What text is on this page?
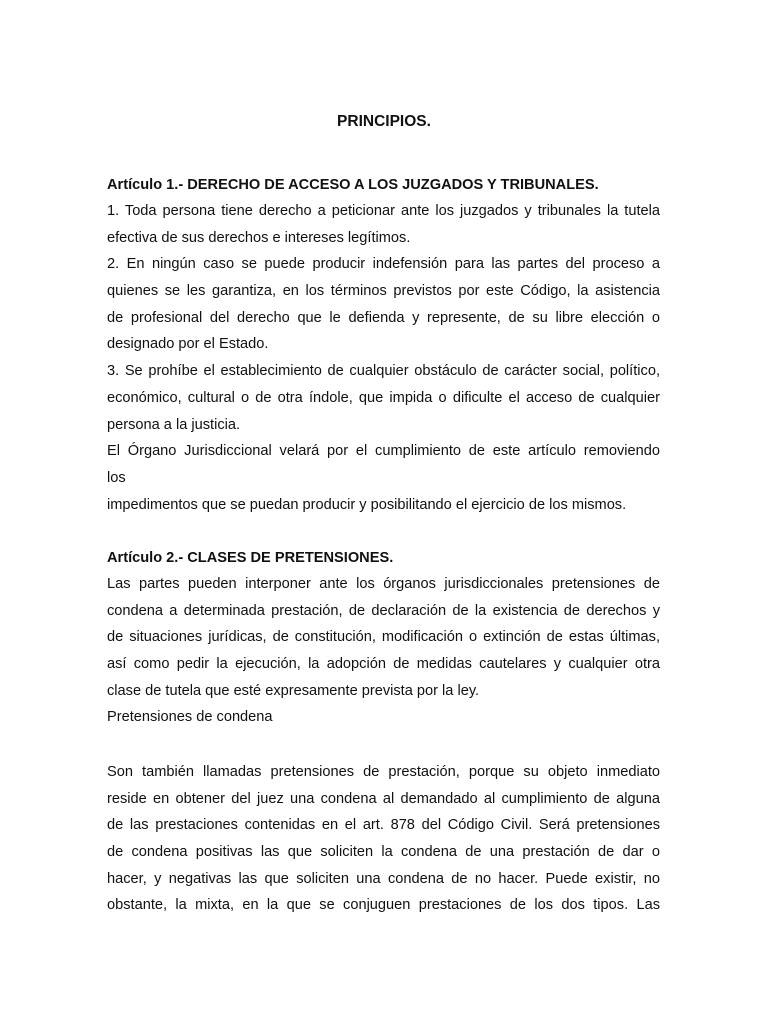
PRINCIPIOS.
Artículo 1.- DERECHO DE ACCESO A LOS JUZGADOS Y TRIBUNALES.
1. Toda persona tiene derecho a peticionar ante los juzgados y tribunales la tutela
efectiva de sus derechos e intereses legítimos.
2. En ningún caso se puede producir indefensión para las partes del proceso a
quienes se les garantiza, en los términos previstos por este Código, la asistencia
de profesional del derecho que le defienda y represente, de su libre elección o
designado por el Estado.
3. Se prohíbe el establecimiento de cualquier obstáculo de carácter social, político,
económico, cultural o de otra índole, que impida o dificulte el acceso de cualquier
persona a la justicia.
El Órgano Jurisdiccional velará por el cumplimiento de este artículo removiendo
los
impedimentos que se puedan producir y posibilitando el ejercicio de los mismos.
Artículo 2.- CLASES DE PRETENSIONES.
Las partes pueden interponer ante los órganos jurisdiccionales pretensiones de
condena a determinada prestación, de declaración de la existencia de derechos y
de situaciones jurídicas, de constitución, modificación o extinción de estas últimas,
así como pedir la ejecución, la adopción de medidas cautelares y cualquier otra
clase de tutela que esté expresamente prevista por la ley.
Pretensiones de condena
Son también llamadas pretensiones de prestación, porque su objeto inmediato
reside en obtener del juez una condena al demandado al cumplimiento de alguna
de las prestaciones contenidas en el art. 878 del Código Civil. Será pretensiones
de condena positivas las que soliciten la condena de una prestación de dar o
hacer, y negativas las que soliciten una condena de no hacer. Puede existir, no
obstante, la mixta, en la que se conjuguen prestaciones de los dos tipos. Las
